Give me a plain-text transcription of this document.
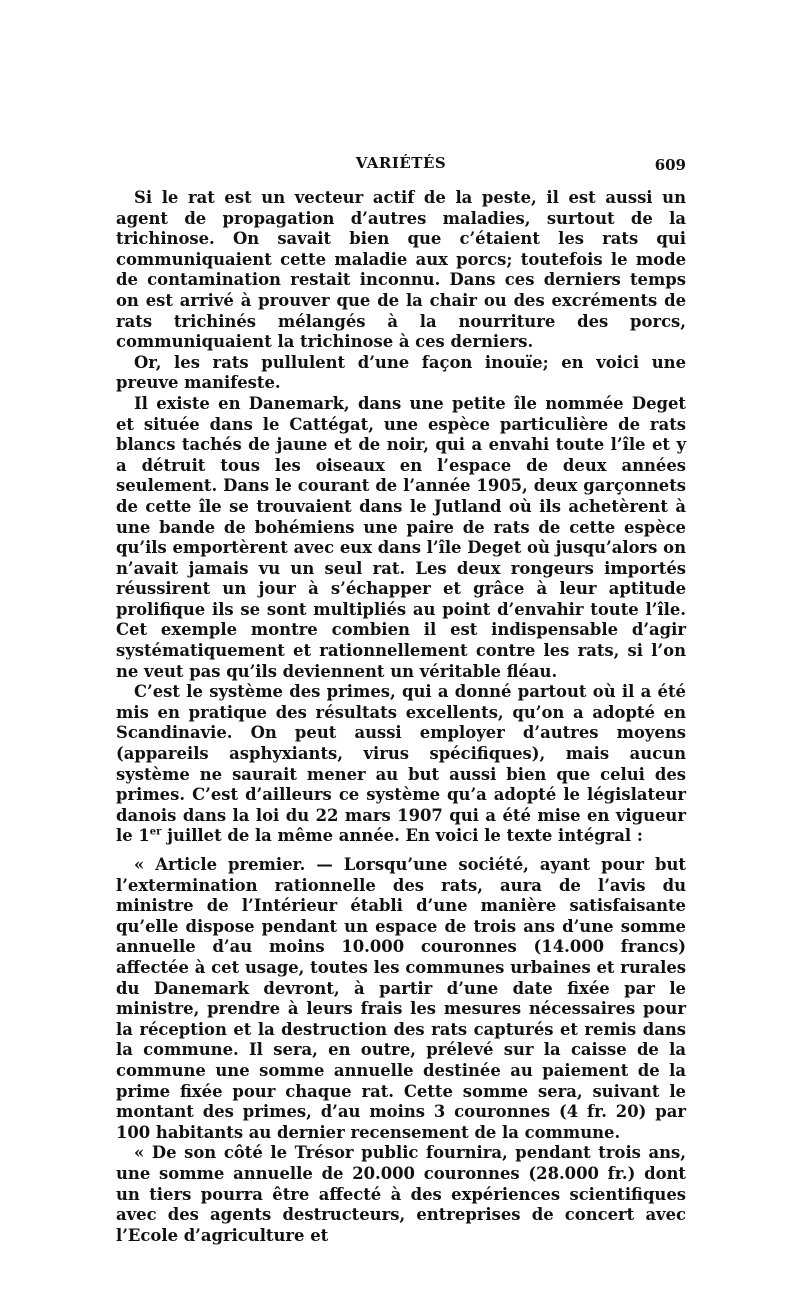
VARIÉTÉS	609

Si le rat est un vecteur actif de la peste, il est aussi un agent de propagation d’autres maladies, surtout de la trichinose. On savait bien que c’étaient les rats qui communiquaient cette maladie aux porcs; toutefois le mode de contamination restait inconnu. Dans ces derniers temps on est arrivé à prouver que de la chair ou des excréments de rats trichinés mélangés à la nourriture des porcs, communiquaient la trichinose à ces derniers.

Or, les rats pullulent d’une façon inouïe; en voici une preuve manifeste.

Il existe en Danemark, dans une petite île nommée Deget et située dans le Cattégat, une espèce particulière de rats blancs tachés de jaune et de noir, qui a envahi toute l’île et y a détruit tous les oiseaux en l’espace de deux années seulement. Dans le courant de l’année 1905, deux garçonnets de cette île se trouvaient dans le Jutland où ils achetèrent à une bande de bohémiens une paire de rats de cette espèce qu’ils emportèrent avec eux dans l’île Deget où jusqu’alors on n’avait jamais vu un seul rat. Les deux rongeurs importés réussirent un jour à s’échapper et grâce à leur aptitude prolifique ils se sont multipliés au point d’envahir toute l’île. Cet exemple montre combien il est indispensable d’agir systématiquement et rationnellement contre les rats, si l’on ne veut pas qu’ils deviennent un véritable fléau.

C’est le système des primes, qui a donné partout où il a été mis en pratique des résultats excellents, qu’on a adopté en Scandinavie. On peut aussi employer d’autres moyens (appareils asphyxiants, virus spécifiques), mais aucun système ne saurait mener au but aussi bien que celui des primes. C’est d’ailleurs ce système qu’a adopté le législateur danois dans la loi du 22 mars 1907 qui a été mise en vigueur le 1er juillet de la même année. En voici le texte intégral :

« Article premier. — Lorsqu’une société, ayant pour but l’extermination rationnelle des rats, aura de l’avis du ministre de l’Intérieur établi d’une manière satisfaisante qu’elle dispose pendant un espace de trois ans d’une somme annuelle d’au moins 10.000 couronnes (14.000 francs) affectée à cet usage, toutes les communes urbaines et rurales du Danemark devront, à partir d’une date fixée par le ministre, prendre à leurs frais les mesures nécessaires pour la réception et la destruction des rats capturés et remis dans la commune. Il sera, en outre, prélevé sur la caisse de la commune une somme annuelle destinée au paiement de la prime fixée pour chaque rat. Cette somme sera, suivant le montant des primes, d’au moins 3 couronnes (4 fr. 20) par 100 habitants au dernier recensement de la commune.

« De son côté le Trésor public fournira, pendant trois ans, une somme annuelle de 20.000 couronnes (28.000 fr.) dont un tiers pourra être affecté à des expériences scientifiques avec des agents destructeurs, entreprises de concert avec l’Ecole d’agriculture et
